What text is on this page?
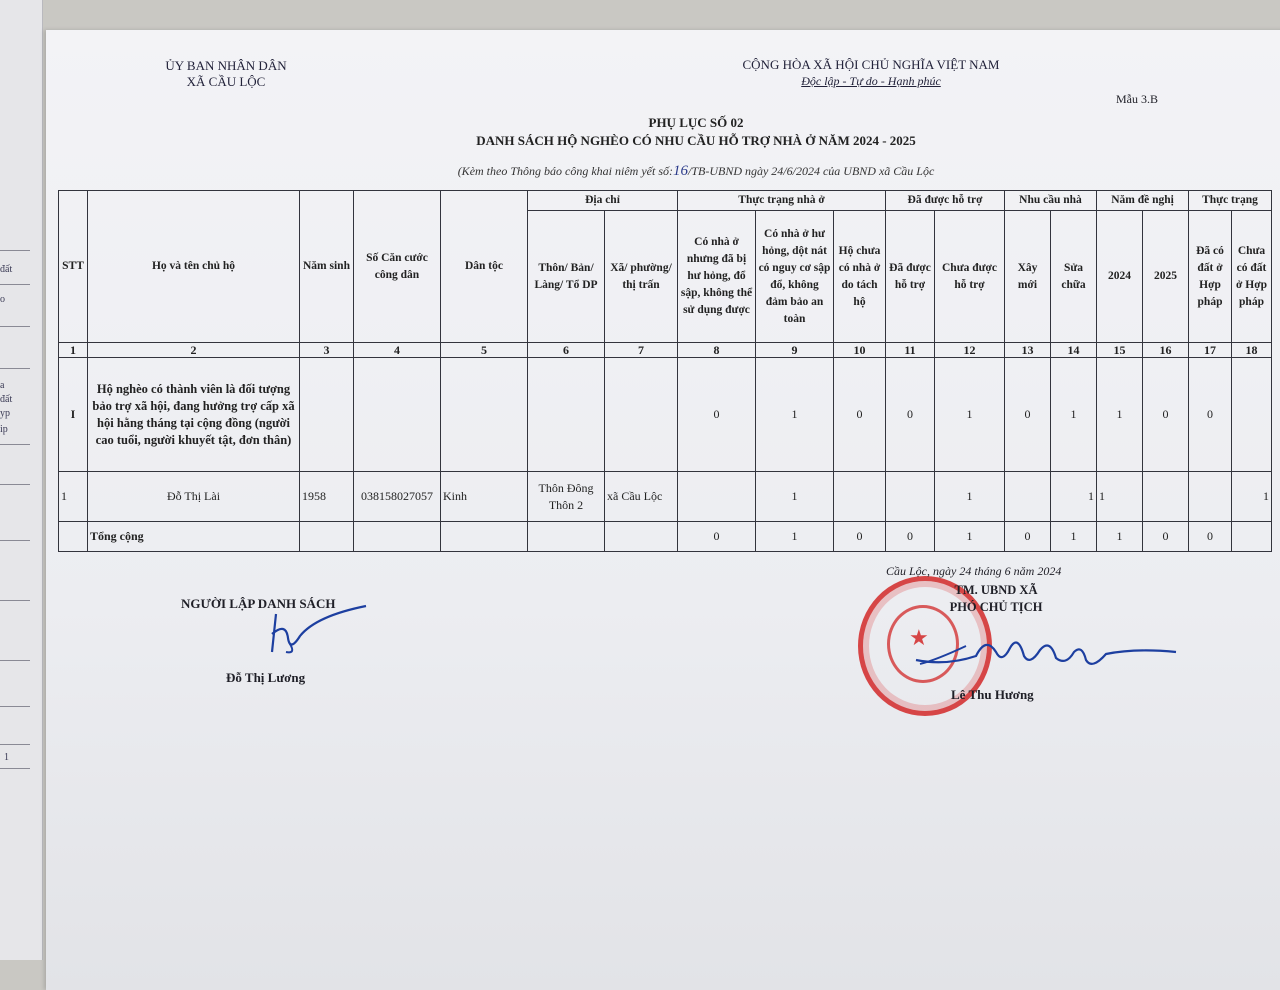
đất
o
a
đất
yp
ip
1
ỦY BAN NHÂN DÂN
XÃ CẦU LỘC
CỘNG HÒA XÃ HỘI CHỦ NGHĨA VIỆT NAM
Độc lập - Tự do - Hạnh phúc
Mẫu 3.B
PHỤ LỤC SỐ 02
DANH SÁCH HỘ NGHÈO CÓ NHU CẦU HỖ TRỢ NHÀ Ở NĂM 2024 - 2025
(Kèm theo Thông báo công khai niêm yết số:16/TB-UBND ngày 24/6/2024 của UBND xã Cầu Lộc
STT	Họ và tên chủ hộ	Năm sinh	Số Căn cước công dân	Dân tộc	Địa chỉ		Thực trạng nhà ở			Đã được hỗ trợ		Nhu cầu nhà		Năm đề nghị		Thực trạng	
					Thôn/ Bản/ Làng/ Tổ DP	Xã/ phường/ thị trấn	Có nhà ở nhưng đã bị hư hỏng, đổ sập, không thể sử dụng được	Có nhà ở hư hỏng, dột nát có nguy cơ sập đổ, không đảm bảo an toàn	Hộ chưa có nhà ở do tách hộ	Đã được hỗ trợ	Chưa được hỗ trợ	Xây mới	Sửa chữa	2024	2025	Đã có đất ở Hợp pháp	Chưa có đất ở Hợp pháp
1	2	3	4	5	6	7	8	9	10	11	12	13	14	15	16	17	18
I	Hộ nghèo có thành viên là đối tượng bảo trợ xã hội, đang hưởng trợ cấp xã hội hằng tháng tại cộng đồng (người cao tuổi, người khuyết tật, đơn thân)						0	1	0	0	1	0	1	1	0	0	
1	Đỗ Thị Lài	1958	038158027057	Kinh	Thôn Đông Thôn 2	xã Cầu Lộc		1			1		1	1			1
	Tổng cộng						0	1	0	0	1	0	1	1	0	0	
NGƯỜI LẬP DANH SÁCH
Đỗ Thị Lương
★
Cầu Lộc, ngày 24 tháng 6 năm 2024
TM. UBND XÃ
PHÓ CHỦ TỊCH
Lê Thu Hương
